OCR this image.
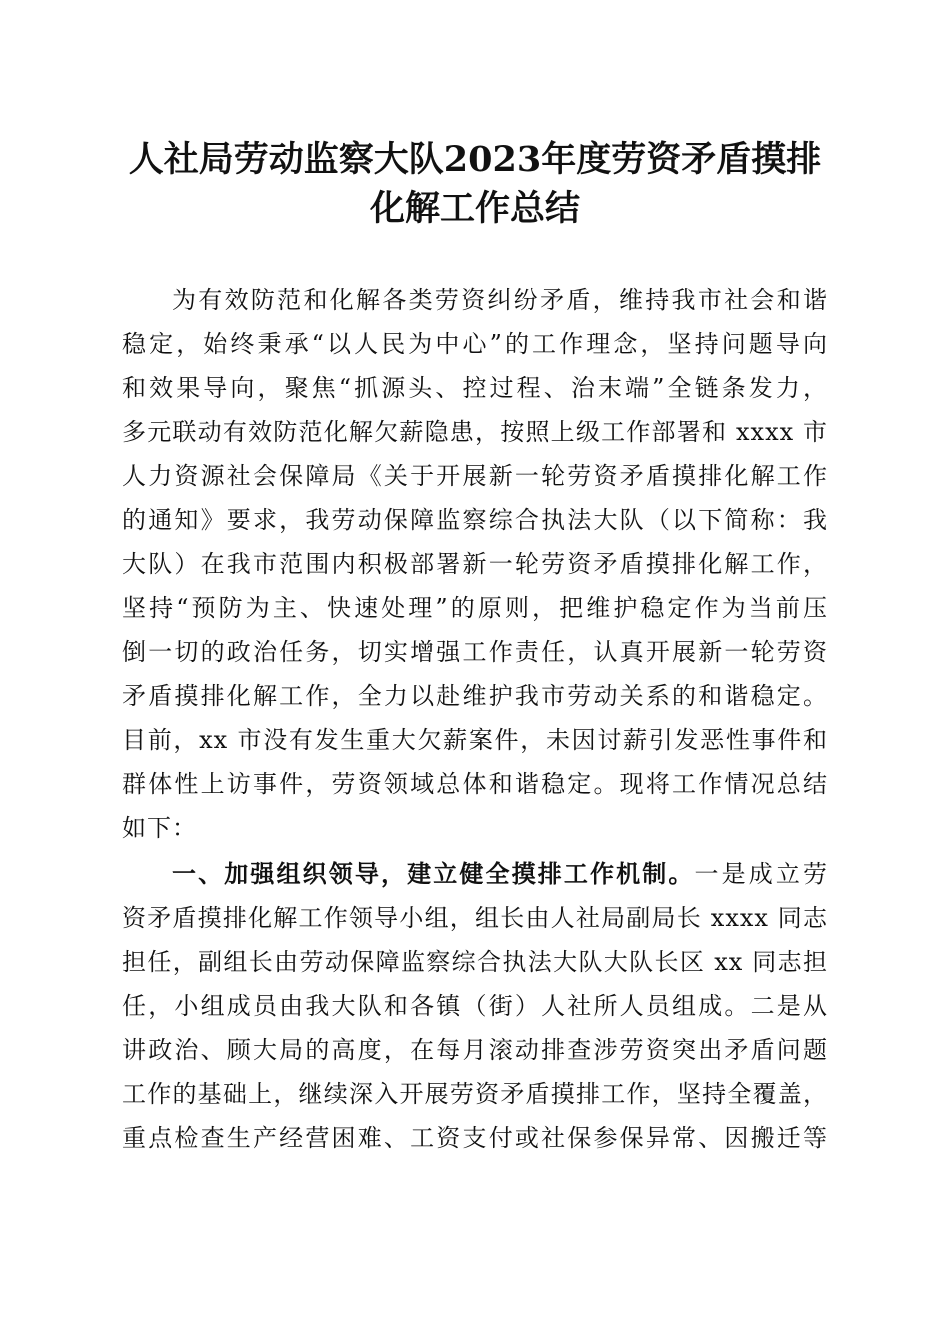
人社局劳动监察大队2023年度劳资矛盾摸排
化解工作总结
为有效防范和化解各类劳资纠纷矛盾，维持我市社会和谐
稳定，始终秉承“以人民为中心”的工作理念，坚持问题导向
和效果导向，聚焦“抓源头、控过程、治末端”全链条发力，
多元联动有效防范化解欠薪隐患，按照上级工作部署和 xxxx 市
人力资源社会保障局《关于开展新一轮劳资矛盾摸排化解工作
的通知》要求，我劳动保障监察综合执法大队（以下简称：我
大队）在我市范围内积极部署新一轮劳资矛盾摸排化解工作，
坚持“预防为主、快速处理”的原则，把维护稳定作为当前压
倒一切的政治任务，切实增强工作责任，认真开展新一轮劳资
矛盾摸排化解工作，全力以赴维护我市劳动关系的和谐稳定。
目前，xx 市没有发生重大欠薪案件，未因讨薪引发恶性事件和
群体性上访事件，劳资领域总体和谐稳定。现将工作情况总结
如下：
一、加强组织领导，建立健全摸排工作机制。一是成立劳
资矛盾摸排化解工作领导小组，组长由人社局副局长 xxxx 同志
担任，副组长由劳动保障监察综合执法大队大队长区 xx 同志担
任，小组成员由我大队和各镇（街）人社所人员组成。二是从
讲政治、顾大局的高度，在每月滚动排查涉劳资突出矛盾问题
工作的基础上，继续深入开展劳资矛盾摸排工作，坚持全覆盖，
重点检查生产经营困难、工资支付或社保参保异常、因搬迁等
